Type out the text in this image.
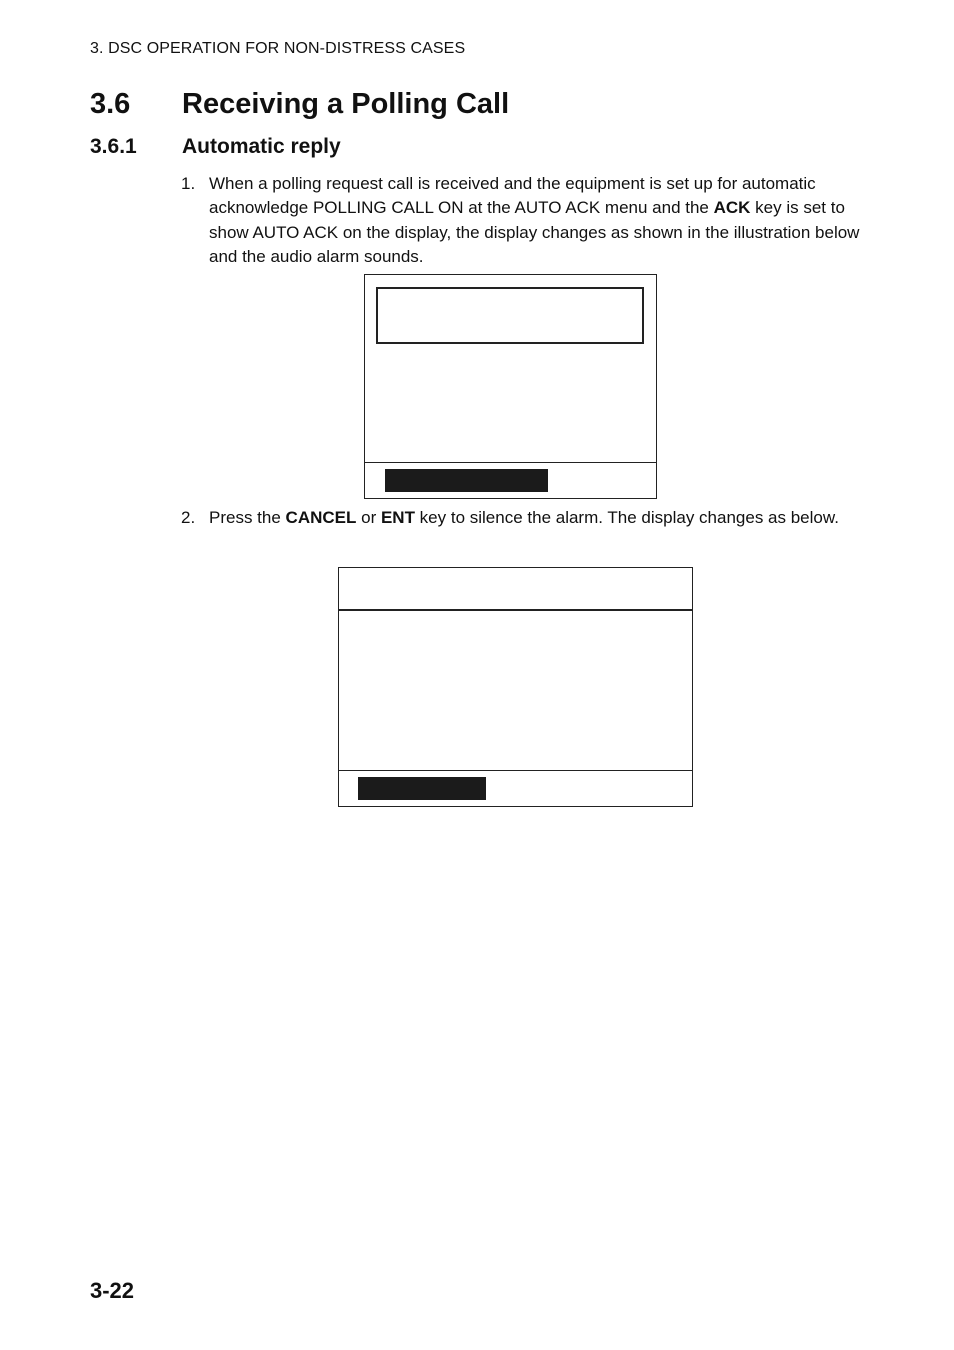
3. DSC OPERATION FOR NON-DISTRESS CASES
3.6 Receiving a Polling Call
3.6.1 Automatic reply
1. When a polling request call is received and the equipment is set up for automatic acknowledge POLLING CALL ON at the AUTO ACK menu and the ACK key is set to show AUTO ACK on the display, the display changes as shown in the illustration below and the audio alarm sounds.
2. Press the CANCEL or ENT key to silence the alarm. The display changes as below.
3-22
